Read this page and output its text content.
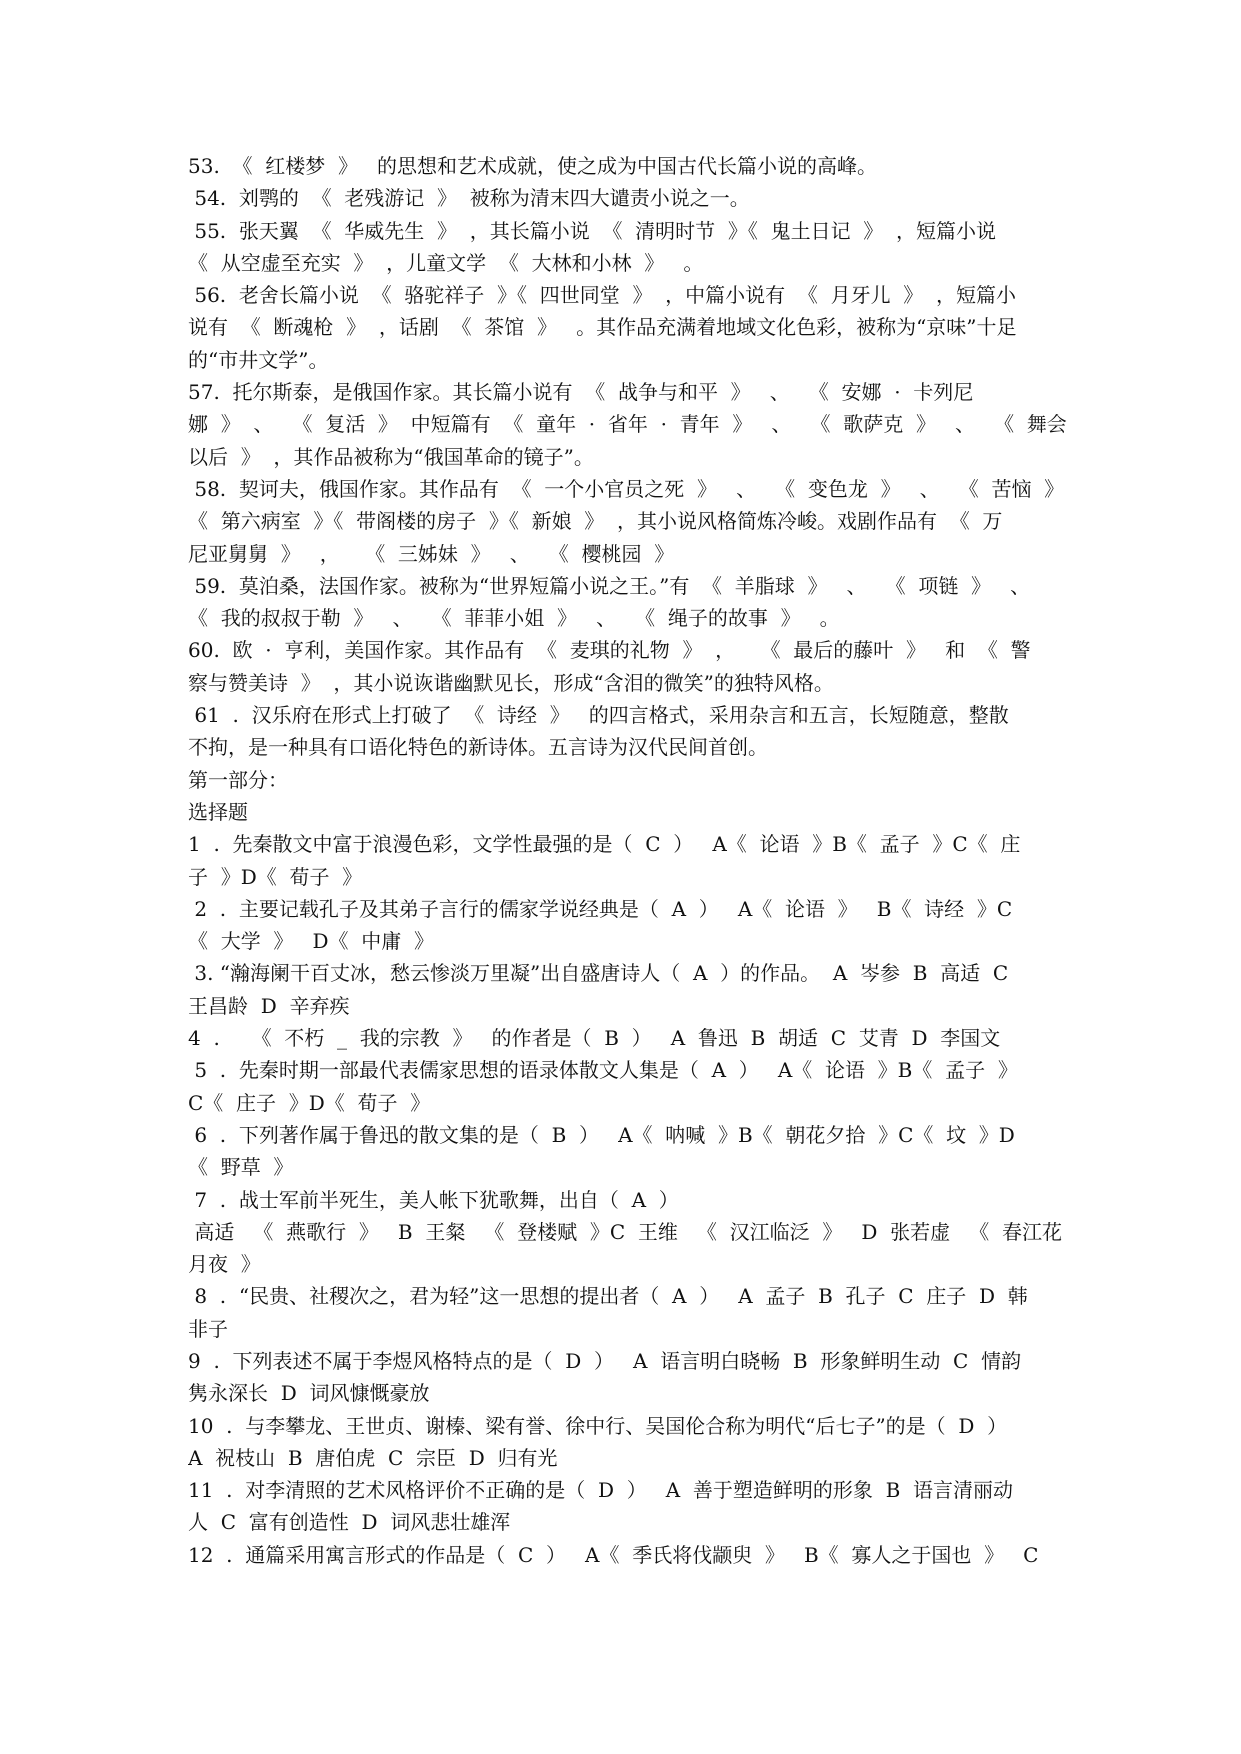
53.  《  红楼梦  》   的思想和艺术成就，使之成为中国古代长篇小说的高峰。
54.  刘鹗的  《  老残游记  》  被称为清末四大谴责小说之一。
55.  张天翼  《  华威先生  》  ，其长篇小说  《  清明时节  》《  鬼土日记  》  ，短篇小说
《  从空虚至充实  》  ，儿童文学  《  大林和小林  》   。
56.  老舍长篇小说  《  骆驼祥子  》《  四世同堂  》  ，中篇小说有  《  月牙儿  》  ，短篇小
说有  《  断魂枪  》  ，话剧  《  茶馆  》   。其作品充满着地域文化色彩，被称为“京味”十足
的“市井文学”。
57.  托尔斯泰，是俄国作家。其长篇小说有  《  战争与和平  》   、   《  安娜  ·  卡列尼
娜  》  、   《  复活  》  中短篇有  《  童年  ·  省年  ·  青年  》   、   《  歌萨克  》   、   《  舞会
以后  》  ，其作品被称为“俄国革命的镜子”。
58.  契诃夫，俄国作家。其作品有  《  一个小官员之死  》   、   《  变色龙  》   、   《  苦恼  》
《  第六病室  》《  带阁楼的房子  》《  新娘  》  ，其小说风格简炼冷峻。戏剧作品有  《  万
尼亚舅舅  》   ，    《  三姊妹  》   、   《  樱桃园  》
59.  莫泊桑，法国作家。被称为“世界短篇小说之王。”有  《  羊脂球  》   、   《  项链  》   、
《  我的叔叔于勒  》   、   《  菲菲小姐  》   、   《  绳子的故事  》   。
60.  欧  ·  亨利，美国作家。其作品有  《  麦琪的礼物  》  ，    《  最后的藤叶  》   和  《  警
察与赞美诗  》  ，其小说诙谐幽默见长，形成“含泪的微笑”的独特风格。
61  .  汉乐府在形式上打破了  《  诗经  》   的四言格式，采用杂言和五言，长短随意，整散
不拘，是一种具有口语化特色的新诗体。五言诗为汉代民间首创。
第一部分：
选择题
1  .  先秦散文中富于浪漫色彩，文学性最强的是（  C  ）   A《  论语  》B《  孟子  》C《  庄
子  》D《  荀子  》
2  .  主要记载孔子及其弟子言行的儒家学说经典是（  A  ）   A《  论语  》   B《  诗经  》C
《  大学  》   D《  中庸  》
3. “瀚海阑干百丈冰，愁云惨淡万里凝”出自盛唐诗人（  A  ）的作品。  A  岑参  B  高适  C
王昌龄  D  辛弃疾
4  .     《  不朽  _  我的宗教  》   的作者是（  B  ）   A  鲁迅  B  胡适  C  艾青  D  李国文
5  .  先秦时期一部最代表儒家思想的语录体散文人集是（  A  ）   A《  论语  》B《  孟子  》
C《  庄子  》D《  荀子  》
6  .  下列著作属于鲁迅的散文集的是（  B  ）   A《  呐喊  》B《  朝花夕拾  》C《  坟  》D
《  野草  》
7  .  战士军前半死生，美人帐下犹歌舞，出自（  A  ）
高适   《  燕歌行  》   B  王粲   《  登楼赋  》C  王维   《  汉江临泛  》   D  张若虚   《  春江花
月夜  》
8  .  “民贵、社稷次之，君为轻”这一思想的提出者（  A  ）   A  孟子  B  孔子  C  庄子  D  韩
非子
9  .  下列表述不属于李煜风格特点的是（  D  ）   A  语言明白晓畅  B  形象鲜明生动  C  情韵
隽永深长  D  词风慷慨豪放
10  .  与李攀龙、王世贞、谢榛、梁有誉、徐中行、吴国伦合称为明代“后七子”的是（  D  ）
A  祝枝山  B  唐伯虎  C  宗臣  D  归有光
11  .  对李清照的艺术风格评价不正确的是（  D  ）   A  善于塑造鲜明的形象  B  语言清丽动
人  C  富有创造性  D  词风悲壮雄浑
12  .  通篇采用寓言形式的作品是（  C  ）   A《  季氏将伐颛臾  》   B《  寡人之于国也  》   C
